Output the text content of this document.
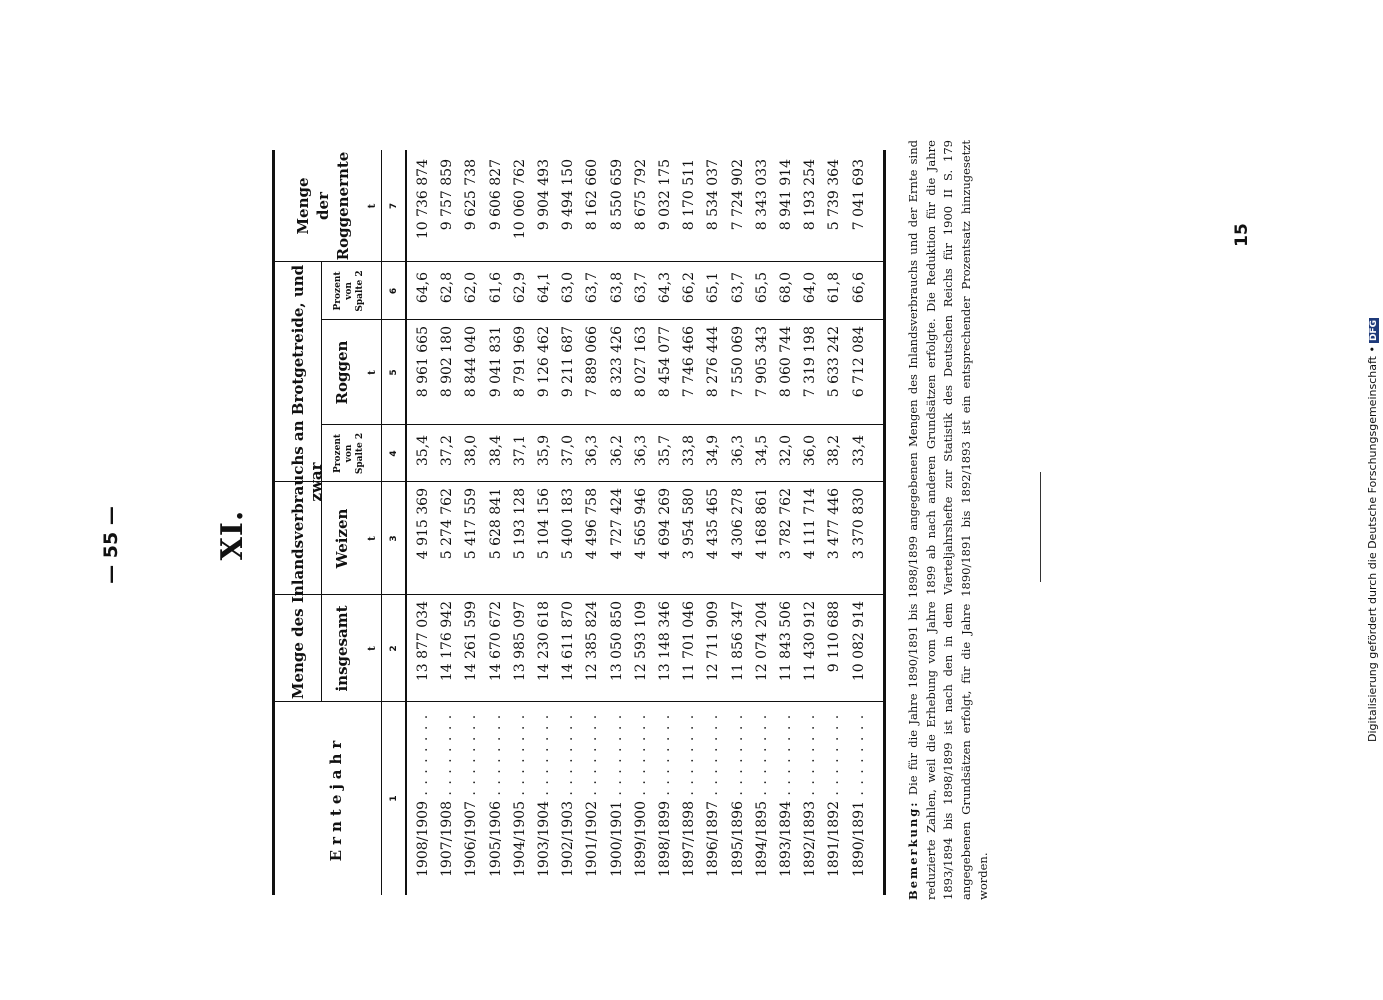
— 55 —	XI.	Menge des Inlandsverbrauchs an Brotgetreide, und zwar
Erntejahr
insgesamt
Weizen
Prozent von Spalte 2
Roggen
Prozent von Spalte 2
Menge der Roggenernte
t
t
t
t
1
2
3
4
5
6
7
1908/1909 . . . . . . . .
13 877 034
4 915 369
35,4
8 961 665
64,6
10 736 874
1907/1908 . . . . . . . .
14 176 942
5 274 762
37,2
8 902 180
62,8
9 757 859
1906/1907 . . . . . . . .
14 261 599
5 417 559
38,0
8 844 040
62,0
9 625 738
1905/1906 . . . . . . . .
14 670 672
5 628 841
38,4
9 041 831
61,6
9 606 827
1904/1905 . . . . . . . .
13 985 097
5 193 128
37,1
8 791 969
62,9
10 060 762
1903/1904 . . . . . . . .
14 230 618
5 104 156
35,9
9 126 462
64,1
9 904 493
1902/1903 . . . . . . . .
14 611 870
5 400 183
37,0
9 211 687
63,0
9 494 150
1901/1902 . . . . . . . .
12 385 824
4 496 758
36,3
7 889 066
63,7
8 162 660
1900/1901 . . . . . . . .
13 050 850
4 727 424
36,2
8 323 426
63,8
8 550 659
1899/1900 . . . . . . . .
12 593 109
4 565 946
36,3
8 027 163
63,7
8 675 792
1898/1899 . . . . . . . .
13 148 346
4 694 269
35,7
8 454 077
64,3
9 032 175
1897/1898 . . . . . . . .
11 701 046
3 954 580
33,8
7 746 466
66,2
8 170 511
1896/1897 . . . . . . . .
12 711 909
4 435 465
34,9
8 276 444
65,1
8 534 037
1895/1896 . . . . . . . .
11 856 347
4 306 278
36,3
7 550 069
63,7
7 724 902
1894/1895 . . . . . . . .
12 074 204
4 168 861
34,5
7 905 343
65,5
8 343 033
1893/1894 . . . . . . . .
11 843 506
3 782 762
32,0
8 060 744
68,0
8 941 914
1892/1893 . . . . . . . .
11 430 912
4 111 714
36,0
7 319 198
64,0
8 193 254
1891/1892 . . . . . . . .
9 110 688
3 477 446
38,2
5 633 242
61,8
5 739 364
1890/1891 . . . . . . . .
10 082 914
3 370 830
33,4
6 712 084
66,6
7 041 693
Bemerkung: Die für die Jahre 1890/1891 bis 1898/1899 angegebenen Mengen des Inlandsverbrauchs und der Ernte sind reduzierte Zahlen, weil die Erhebung vom Jahre 1899 ab nach anderen Grundsätzen erfolgte. Die Reduktion für die Jahre 1893/1894 bis 1898/1899 ist nach den in dem Vierteljahrshefte zur Statistik des Deutschen Reichs für 1900 II S. 179 angegebenen Grundsätzen erfolgt, für die Jahre 1890/1891 bis 1892/1893 ist ein entsprechender Prozentsatz hinzugesetzt worden.
15
Digitalisierung gefördert durch die Deutsche Forschungsgemeinschaft •DFG
